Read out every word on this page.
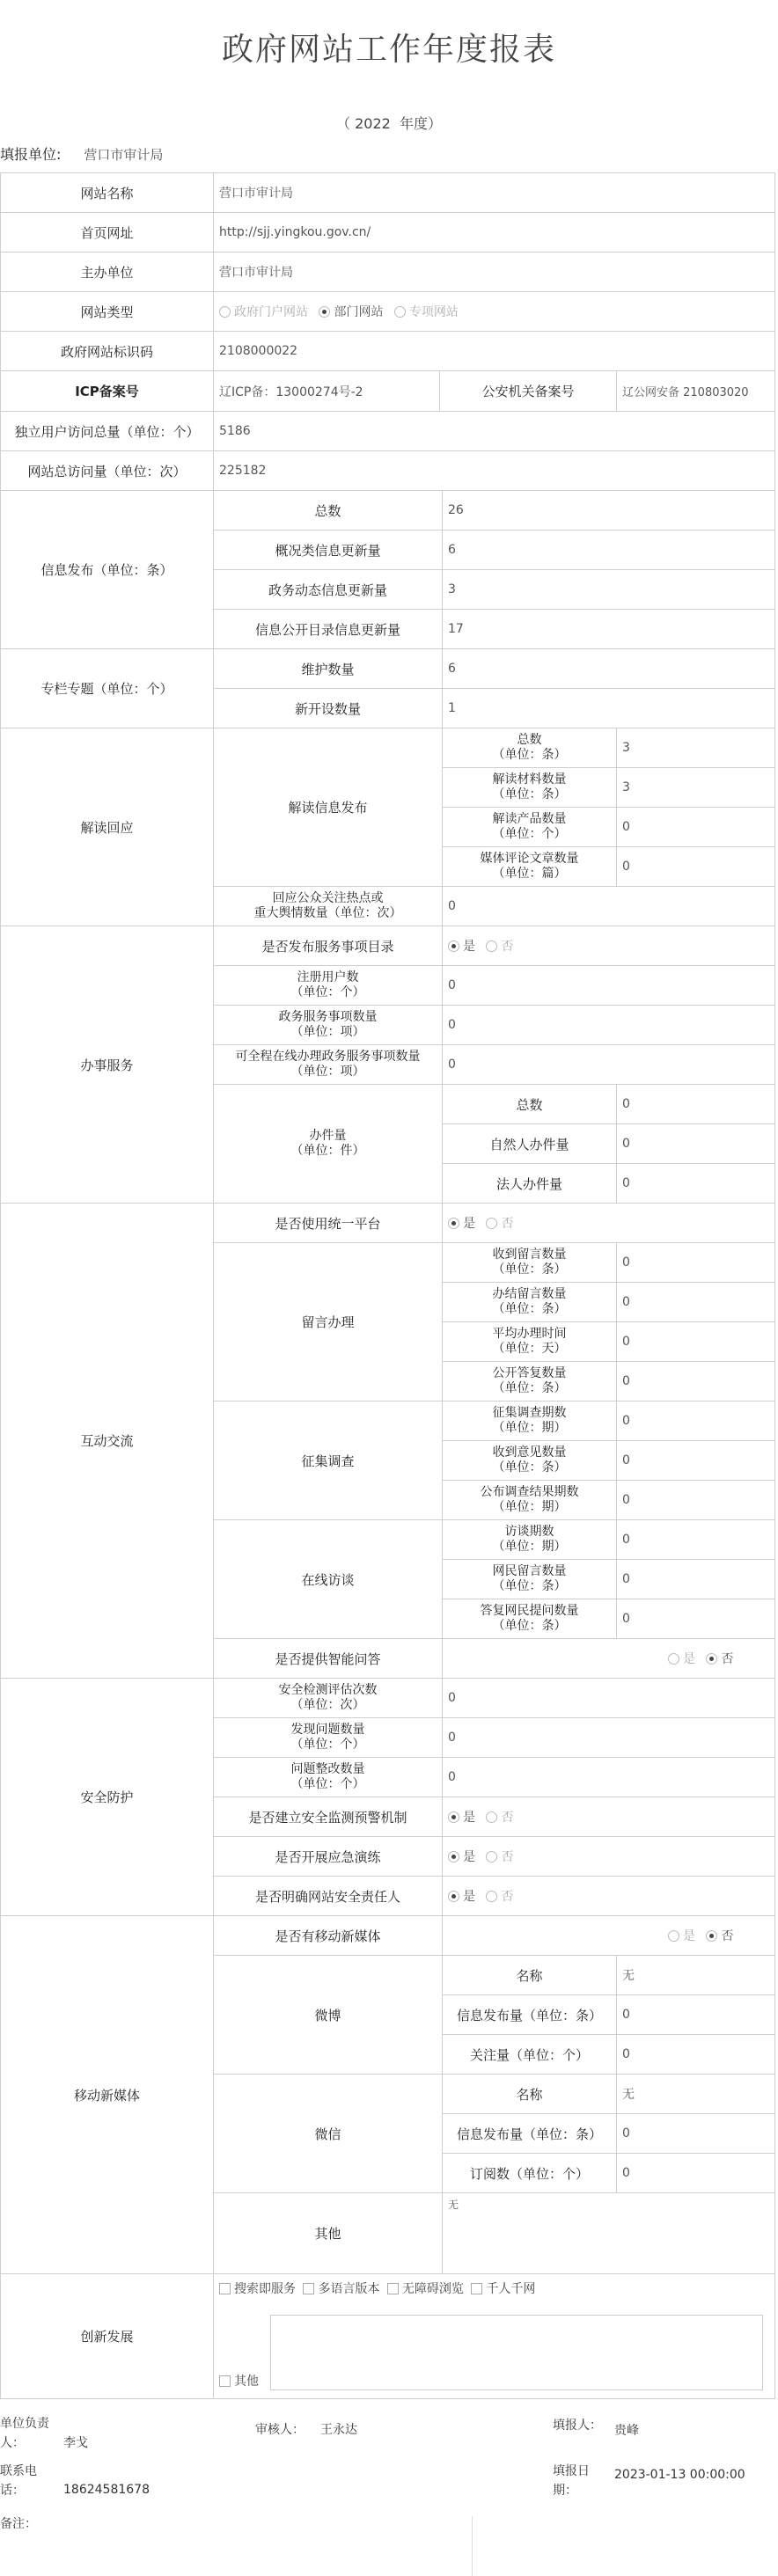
政府网站工作年度报表
（ 2022 年度）
填报单位: 营口市审计局
网站名称	营口市审计局		
首页网址	http://sjj.yingkou.gov.cn/		
主办单位	营口市审计局		
网站类型	政府门户网站 部门网站 专项网站		
政府网站标识码	2108000022		
ICP备案号	辽ICP备：13000274号-2 公安机关备案号		辽公网安备 210803020
独立用户访问总量（单位：个）	5186		
网站总访问量（单位：次）	225182		
信息发布（单位：条）	总数	26	
	概况类信息更新量	6	
	政务动态信息更新量	3	
	信息公开目录信息更新量	17	
专栏专题（单位：个）	维护数量	6	
	新开设数量	1	
解读回应	解读信息发布	总数
（单位：条）	3

		解读材料数量
（单位：条）	3

		解读产品数量
（单位：个）	0

		媒体评论文章数量
（单位：篇）	0

	回应公众关注热点或
重大舆情数量（单位：次）	0	
办事服务	是否发布服务事项目录	是 否	

	注册用户数
（单位：个）	0	

	政务服务事项数量
（单位：项）	0	

	可全程在线办理政务服务事项数量
（单位：项）	0	

	办件量
（单位：件）	总数	0
		自然人办件量	0
		法人办件量	0
互动交流	是否使用统一平台	是 否	
	留言办理	收到留言数量
（单位：条）	0

		办结留言数量
（单位：条）	0

		平均办理时间
（单位：天）	0

		公开答复数量
（单位：条）	0
	征集调查	征集调查期数
（单位：期）	0

		收到意见数量
（单位：条）	0

		公布调查结果期数
（单位：期）	0
	在线访谈	访谈期数
（单位：期）	0

		网民留言数量
（单位：条）	0

		答复网民提问数量
（单位：条）	0
	是否提供智能问答	是 否	
安全防护	安全检测评估次数
（单位：次）	0	

	发现问题数量
（单位：个）	0	

	问题整改数量
（单位：个）	0	
	是否建立安全监测预警机制	是 否	
	是否开展应急演练	是 否	
	是否明确网站安全责任人	是 否	
移动新媒体	是否有移动新媒体	是 否	
	微博	名称	无
		信息发布量（单位：条）	0
		关注量（单位：个）	0
	微信	名称	无
		信息发布量（单位：条）	0
		订阅数（单位：个）	0
	其他	无	
创新发展	搜索即服务 多语言版本 无障碍浏览 千人千网
其他		
单位负责
人：	李戈
审核人： 王永达	填报人： 贵峰
联系电
话：	18624581678
填报日
期：
2023-01-13 00:00:00
备注：
